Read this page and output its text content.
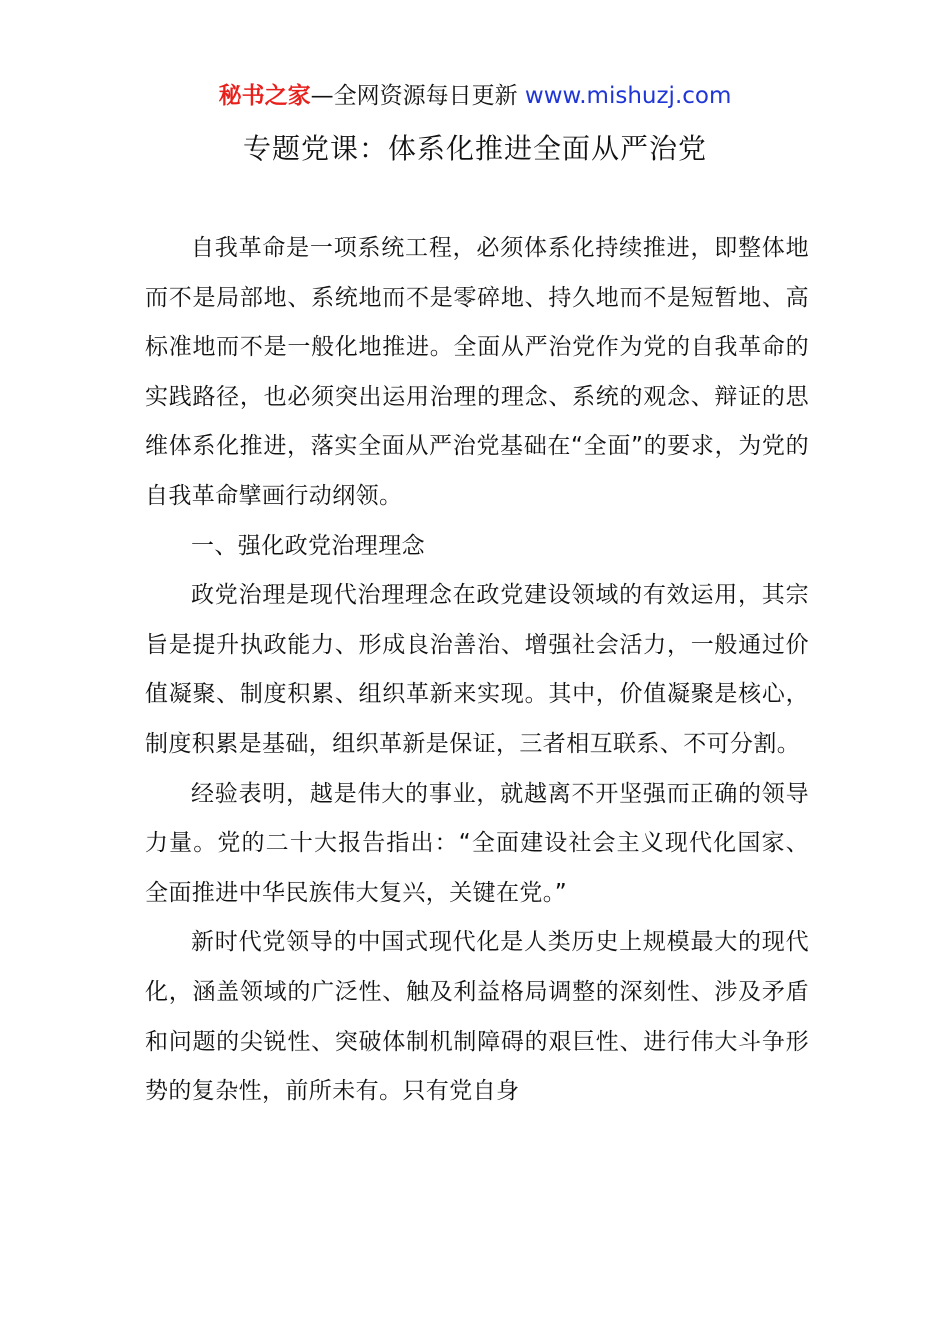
秘书之家—全网资源每日更新 www.mishuzj.com
专题党课：体系化推进全面从严治党

自我革命是一项系统工程，必须体系化持续推进，即整体地而不是局部地、系统地而不是零碎地、持久地而不是短暂地、高标准地而不是一般化地推进。全面从严治党作为党的自我革命的实践路径，也必须突出运用治理的理念、系统的观念、辩证的思维体系化推进，落实全面从严治党基础在“全面”的要求，为党的自我革命擘画行动纲领。

一、强化政党治理理念

政党治理是现代治理理念在政党建设领域的有效运用，其宗旨是提升执政能力、形成良治善治、增强社会活力，一般通过价值凝聚、制度积累、组织革新来实现。其中，价值凝聚是核心，制度积累是基础，组织革新是保证，三者相互联系、不可分割。

经验表明，越是伟大的事业，就越离不开坚强而正确的领导力量。党的二十大报告指出：“全面建设社会主义现代化国家、全面推进中华民族伟大复兴，关键在党。”

新时代党领导的中国式现代化是人类历史上规模最大的现代化，涵盖领域的广泛性、触及利益格局调整的深刻性、涉及矛盾和问题的尖锐性、突破体制机制障碍的艰巨性、进行伟大斗争形势的复杂性，前所未有。只有党自身
